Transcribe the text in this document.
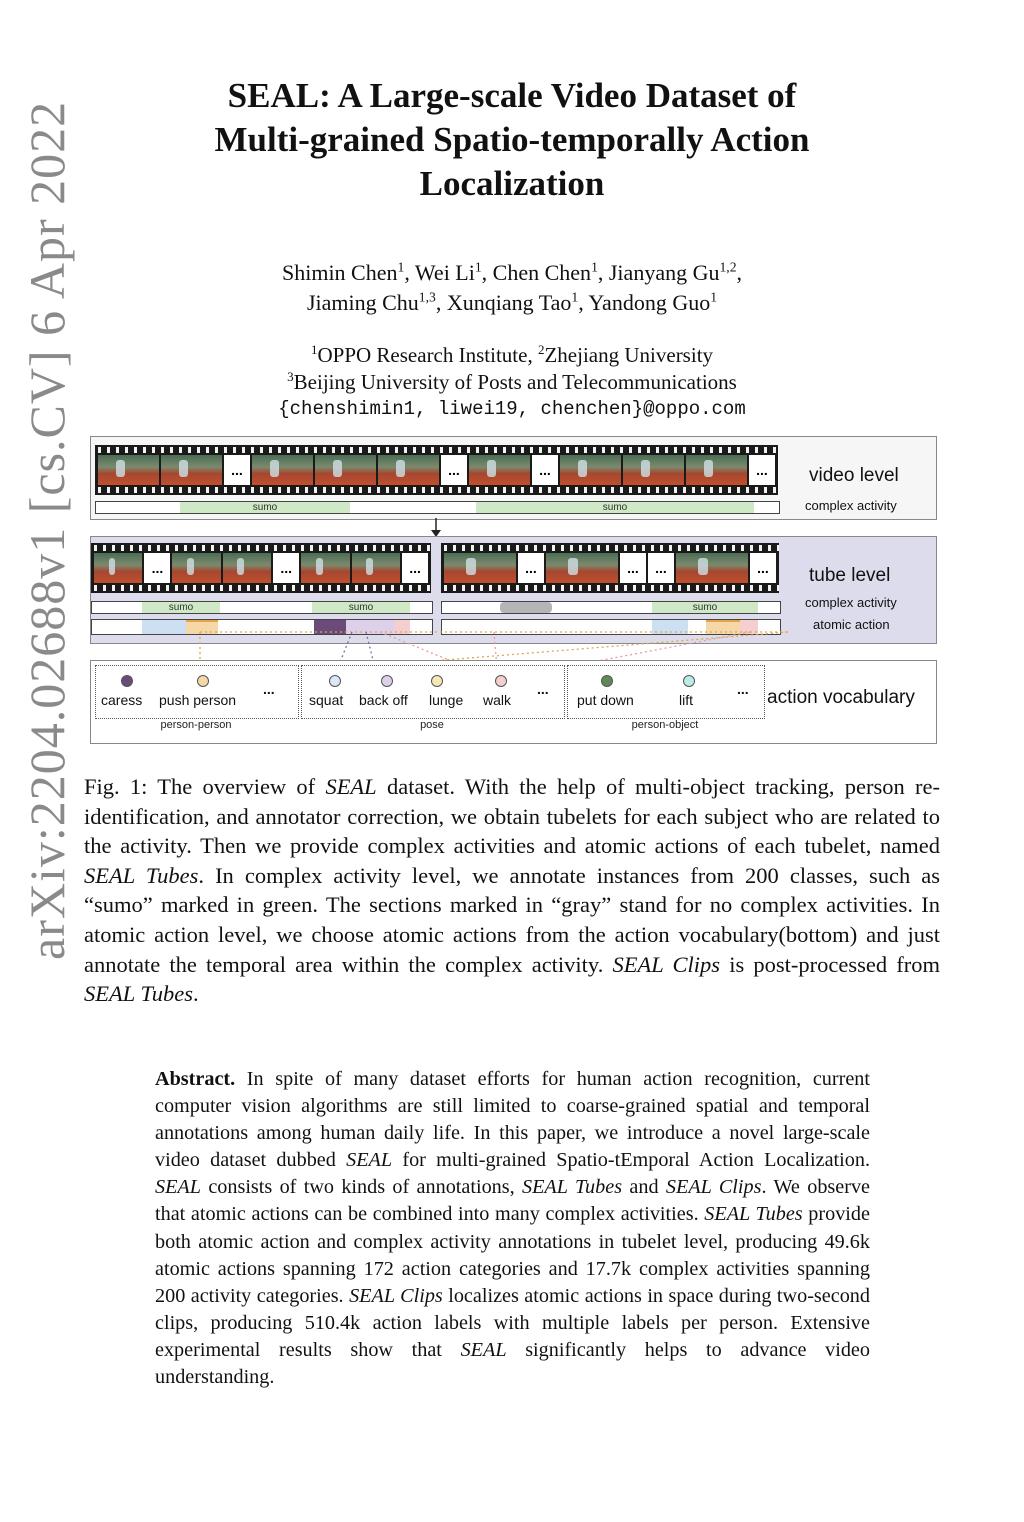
arXiv:2204.02688v1 [cs.CV] 6 Apr 2022
SEAL: A Large-scale Video Dataset of
Multi-grained Spatio-temporally Action
Localization
Shimin Chen$^1$, Wei Li$^1$, Chen Chen$^1$, Jianyang Gu$^{1,2}$,
Jiaming Chu$^{1,3}$, Xunqiang Tao$^1$, Yandong Guo$^1$
$^1$OPPO Research Institute, $^2$Zhejiang University
$^3$Beijing University of Posts and Telecommunications
{chenshimin1, liwei19, chenchen}@oppo.com
...	...	...	...
sumo	sumo
video level
complex activity
...	...	...	...	...	...	...
sumo	sumo	sumo
tube level
complex activity
atomic action
caress push person
...
squat back off lunge walk
...
put down	lift
...
person-person	pose	person-object
action vocabulary
Fig. 1: The overview of SEAL dataset. With the help of multi-object tracking, person re-identification, and annotator correction, we obtain tubelets for each subject who are related to the activity. Then we provide complex activities and atomic actions of each tubelet, named SEAL Tubes. In complex activity level, we annotate instances from 200 classes, such as “sumo” marked in green. The sections marked in “gray” stand for no complex activities. In atomic action level, we choose atomic actions from the action vocabulary(bottom) and just annotate the temporal area within the complex activity. SEAL Clips is post-processed from SEAL Tubes.
Abstract. In spite of many dataset efforts for human action recognition, current computer vision algorithms are still limited to coarse-grained spatial and temporal annotations among human daily life. In this paper, we introduce a novel large-scale video dataset dubbed SEAL for multi-grained Spatio-tEmporal Action Localization. SEAL consists of two kinds of annotations, SEAL Tubes and SEAL Clips. We observe that atomic actions can be combined into many complex activities. SEAL Tubes provide both atomic action and complex activity annotations in tubelet level, producing 49.6k atomic actions spanning 172 action categories and 17.7k complex activities spanning 200 activity categories. SEAL Clips localizes atomic actions in space during two-second clips, producing 510.4k action labels with multiple labels per person. Extensive experimental results show that SEAL significantly helps to advance video understanding.
